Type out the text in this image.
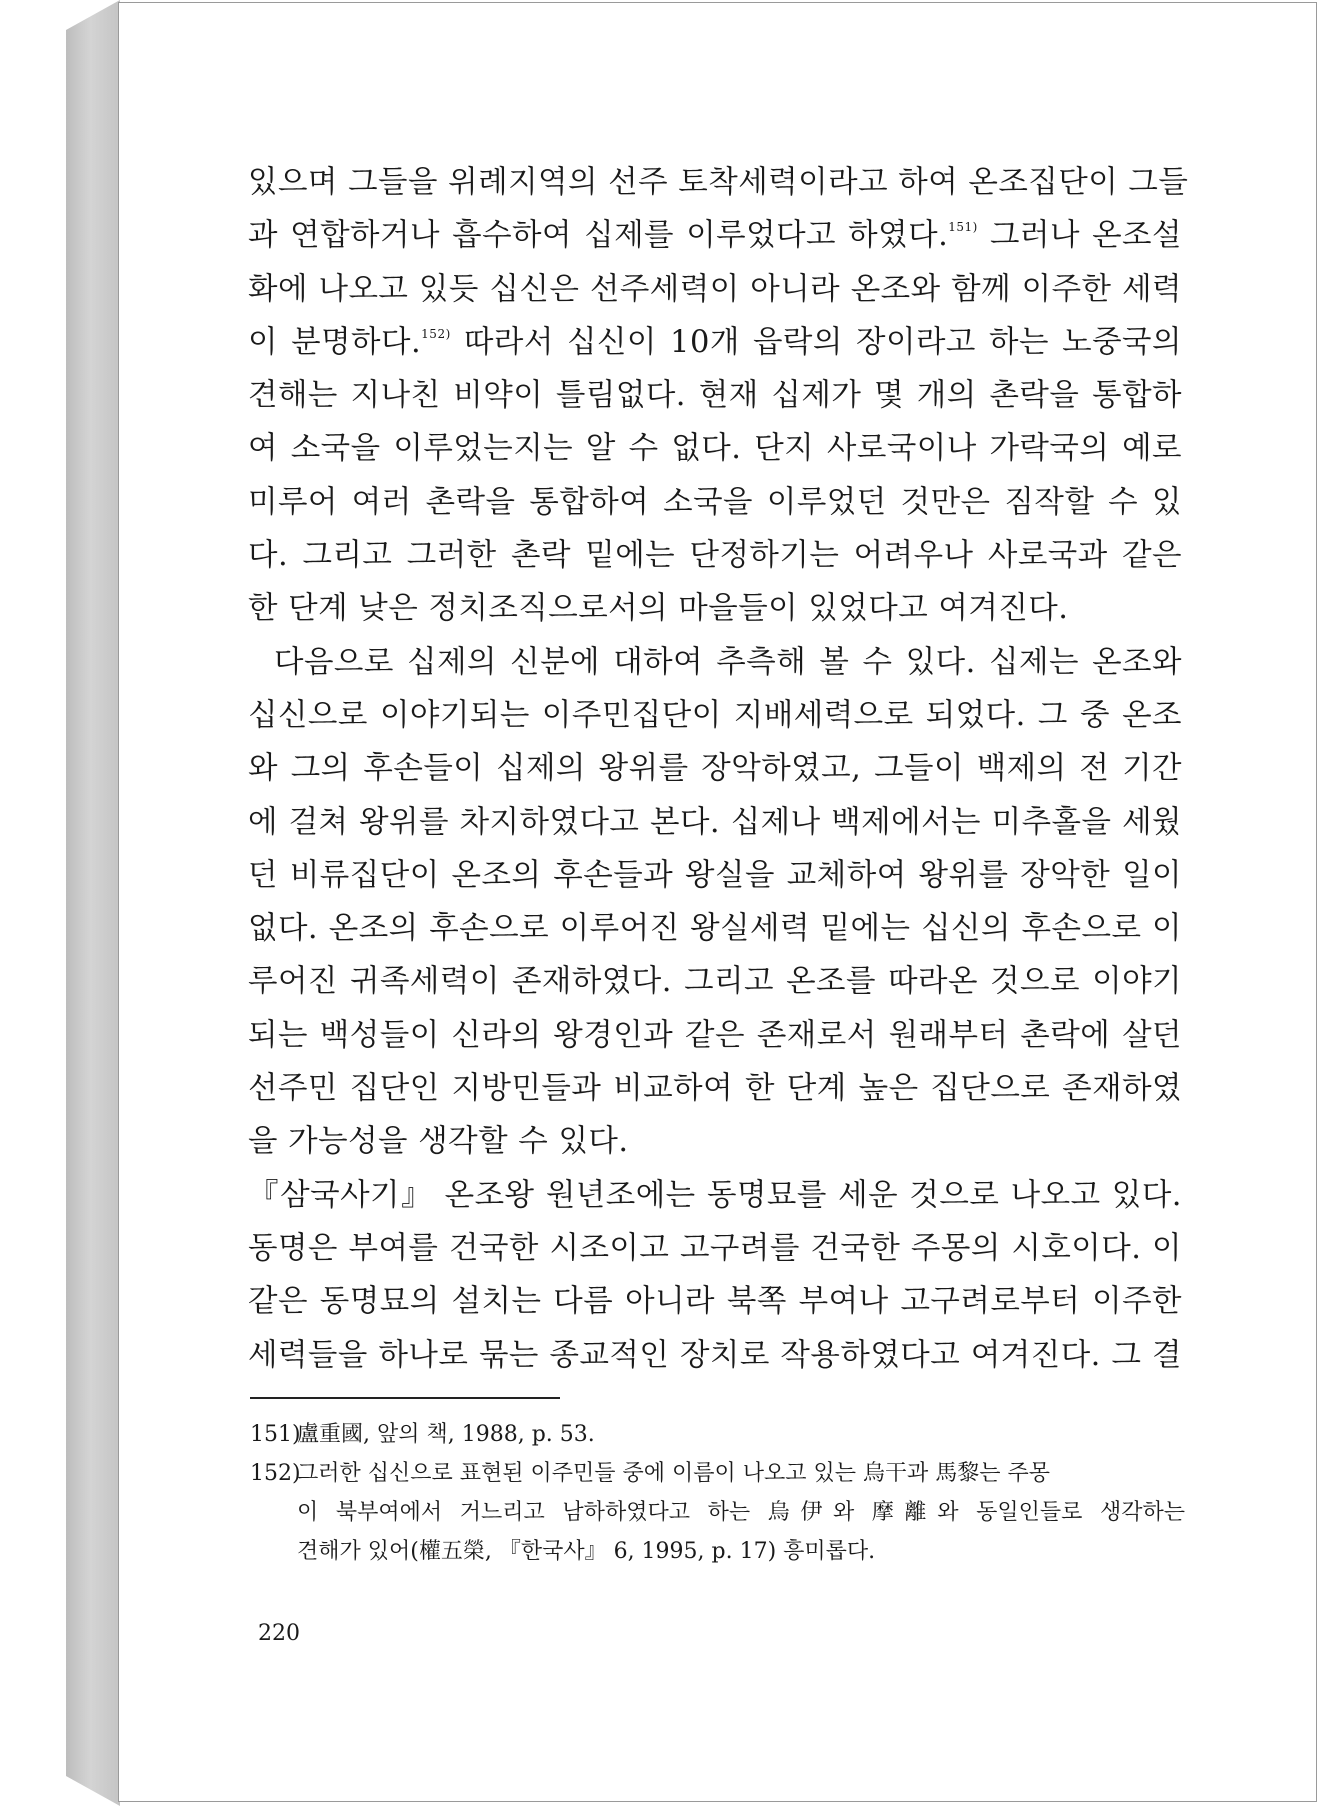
있으며 그들을 위례지역의 선주 토착세력이라고 하여 온조집단이 그들
과 연합하거나 흡수하여 십제를 이루었다고 하였다.$^{151)}$ 그러나 온조설
화에 나오고 있듯 십신은 선주세력이 아니라 온조와 함께 이주한 세력
이 분명하다.$^{152)}$ 따라서 십신이 10개 읍락의 장이라고 하는 노중국의
견해는 지나친 비약이 틀림없다. 현재 십제가 몇 개의 촌락을 통합하
여 소국을 이루었는지는 알 수 없다. 단지 사로국이나 가락국의 예로
미루어 여러 촌락을 통합하여 소국을 이루었던 것만은 짐작할 수 있
다. 그리고 그러한 촌락 밑에는 단정하기는 어려우나 사로국과 같은
한 단계 낮은 정치조직으로서의 마을들이 있었다고 여겨진다.
다음으로 십제의 신분에 대하여 추측해 볼 수 있다. 십제는 온조와
십신으로 이야기되는 이주민집단이 지배세력으로 되었다. 그 중 온조
와 그의 후손들이 십제의 왕위를 장악하였고, 그들이 백제의 전 기간
에 걸쳐 왕위를 차지하였다고 본다. 십제나 백제에서는 미추홀을 세웠
던 비류집단이 온조의 후손들과 왕실을 교체하여 왕위를 장악한 일이
없다. 온조의 후손으로 이루어진 왕실세력 밑에는 십신의 후손으로 이
루어진 귀족세력이 존재하였다. 그리고 온조를 따라온 것으로 이야기
되는 백성들이 신라의 왕경인과 같은 존재로서 원래부터 촌락에 살던
선주민 집단인 지방민들과 비교하여 한 단계 높은 집단으로 존재하였
을 가능성을 생각할 수 있다.
『삼국사기』 온조왕 원년조에는 동명묘를 세운 것으로 나오고 있다.
동명은 부여를 건국한 시조이고 고구려를 건국한 주몽의 시호이다. 이
같은 동명묘의 설치는 다름 아니라 북쪽 부여나 고구려로부터 이주한
세력들을 하나로 묶는 종교적인 장치로 작용하였다고 여겨진다. 그 결
151)盧重國, 앞의 책, 1988, p. 53.
152)그러한 십신으로 표현된 이주민들 중에 이름이 나오고 있는 烏干과 馬黎는 주몽
이 북부여에서 거느리고 남하하였다고 하는 烏伊와 摩離와 동일인들로 생각하는
견해가 있어(權五榮, 『한국사』 6, 1995, p. 17) 흥미롭다.
220
